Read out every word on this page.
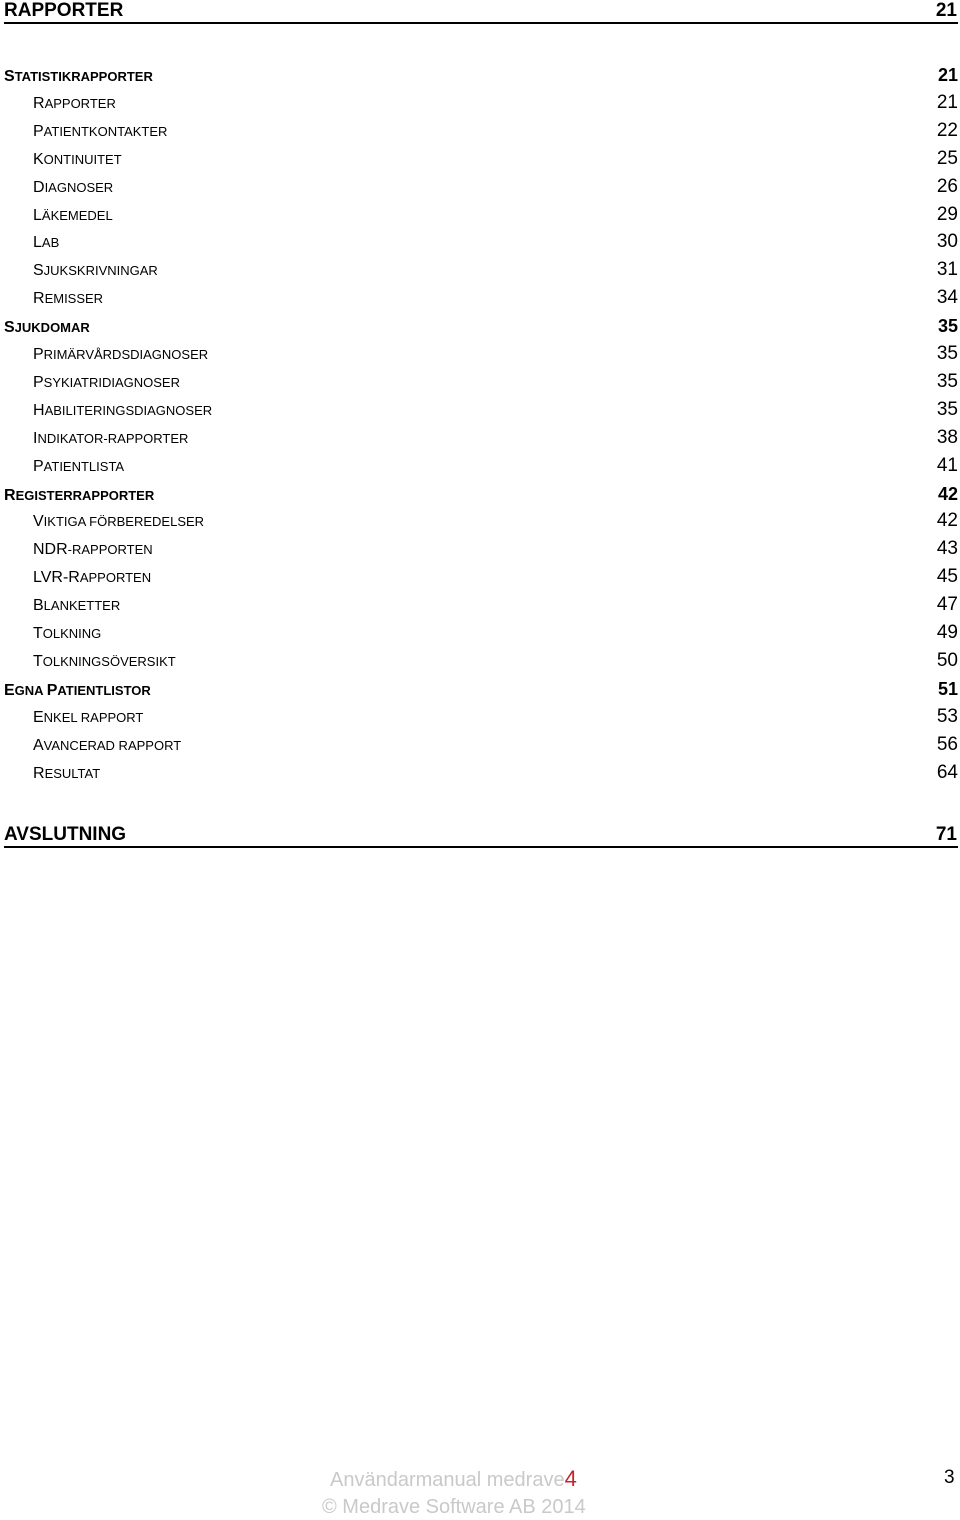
RAPPORTER	21
STATISTIKRAPPORTER	21
RAPPORTER	21
PATIENTKONTAKTER	22
KONTINUITET	25
DIAGNOSER	26
LÄKEMEDEL	29
LAB	30
SJUKSKRIVNINGAR	31
REMISSER	34
SJUKDOMAR	35
PRIMÄRVÅRDSDIAGNOSER	35
PSYKIATRIDIAGNOSER	35
HABILITERINGSDIAGNOSER	35
INDIKATOR-RAPPORTER	38
PATIENTLISTA	41
REGISTERRAPPORTER	42
VIKTIGA FÖRBEREDELSER	42
NDR-RAPPORTEN	43
LVR-RAPPORTEN	45
BLANKETTER	47
TOLKNING	49
TOLKNINGSÖVERSIKT	50
EGNA PATIENTLISTOR	51
ENKEL RAPPORT	53
AVANCERAD RAPPORT	56
RESULTAT	64
AVSLUTNING	71
Användarmanual medrave4
© Medrave Software AB 2014
3
